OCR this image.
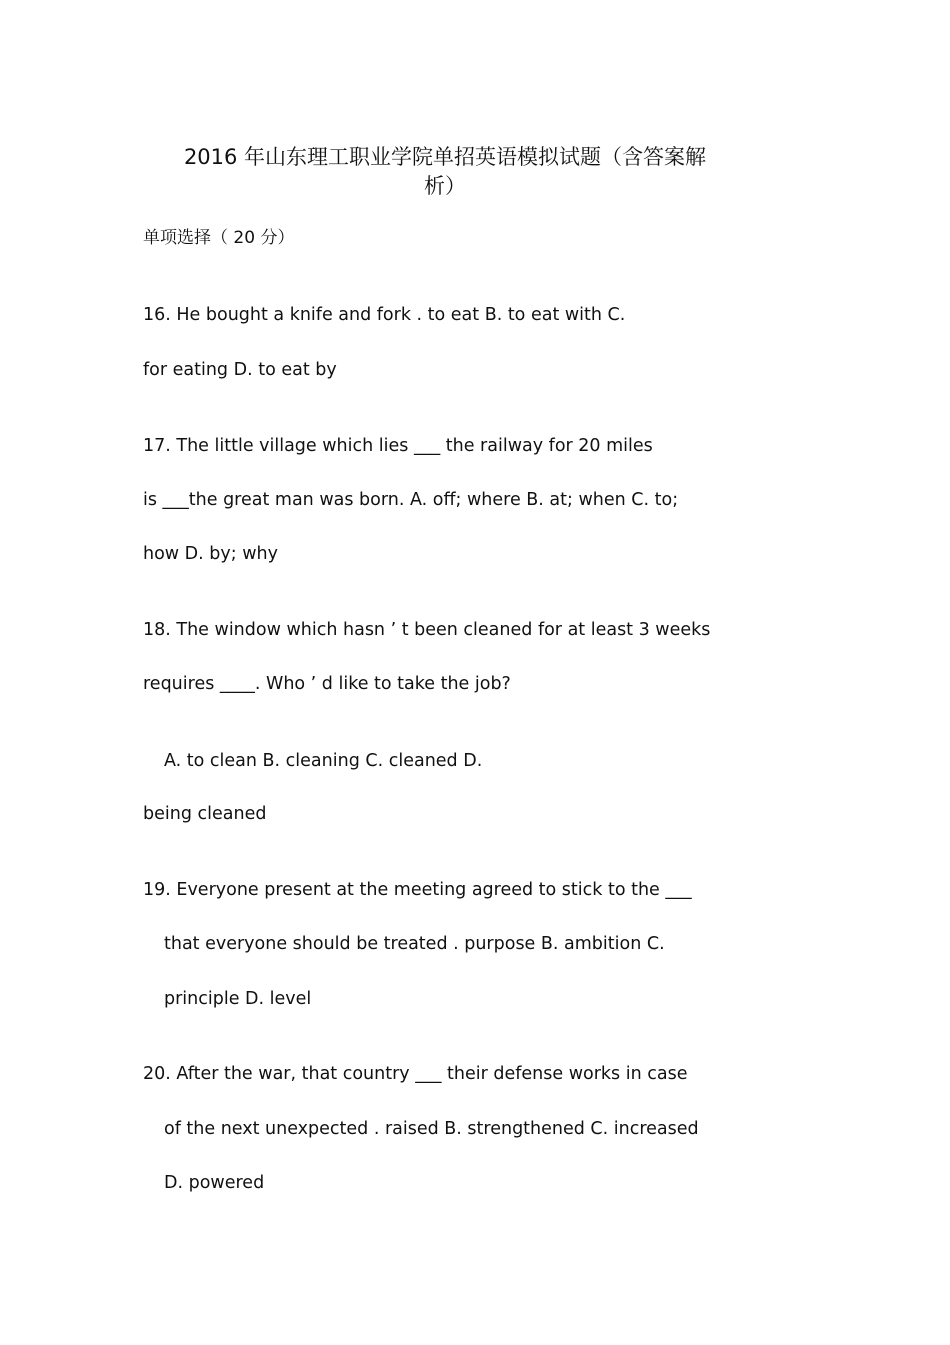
2016 年山东理工职业学院单招英语模拟试题（含答案解
析）
单项选择（ 20 分）
16. He bought a knife and fork . to eat B. to eat with C.
for eating D. to eat by
17. The little village which lies ___ the railway for 20 miles
is ___the great man was born. A. off; where B. at; when C. to;
how D. by; why
18. The window which hasn ’ t been cleaned for at least 3 weeks
requires ____. Who ’ d like to take the job?
A. to clean B. cleaning C. cleaned D.
being cleaned
19. Everyone present at the meeting agreed to stick to the ___
that everyone should be treated . purpose B. ambition C.
principle D. level
20. After the war, that country ___ their defense works in case
of the next unexpected . raised B. strengthened C. increased
D. powered
